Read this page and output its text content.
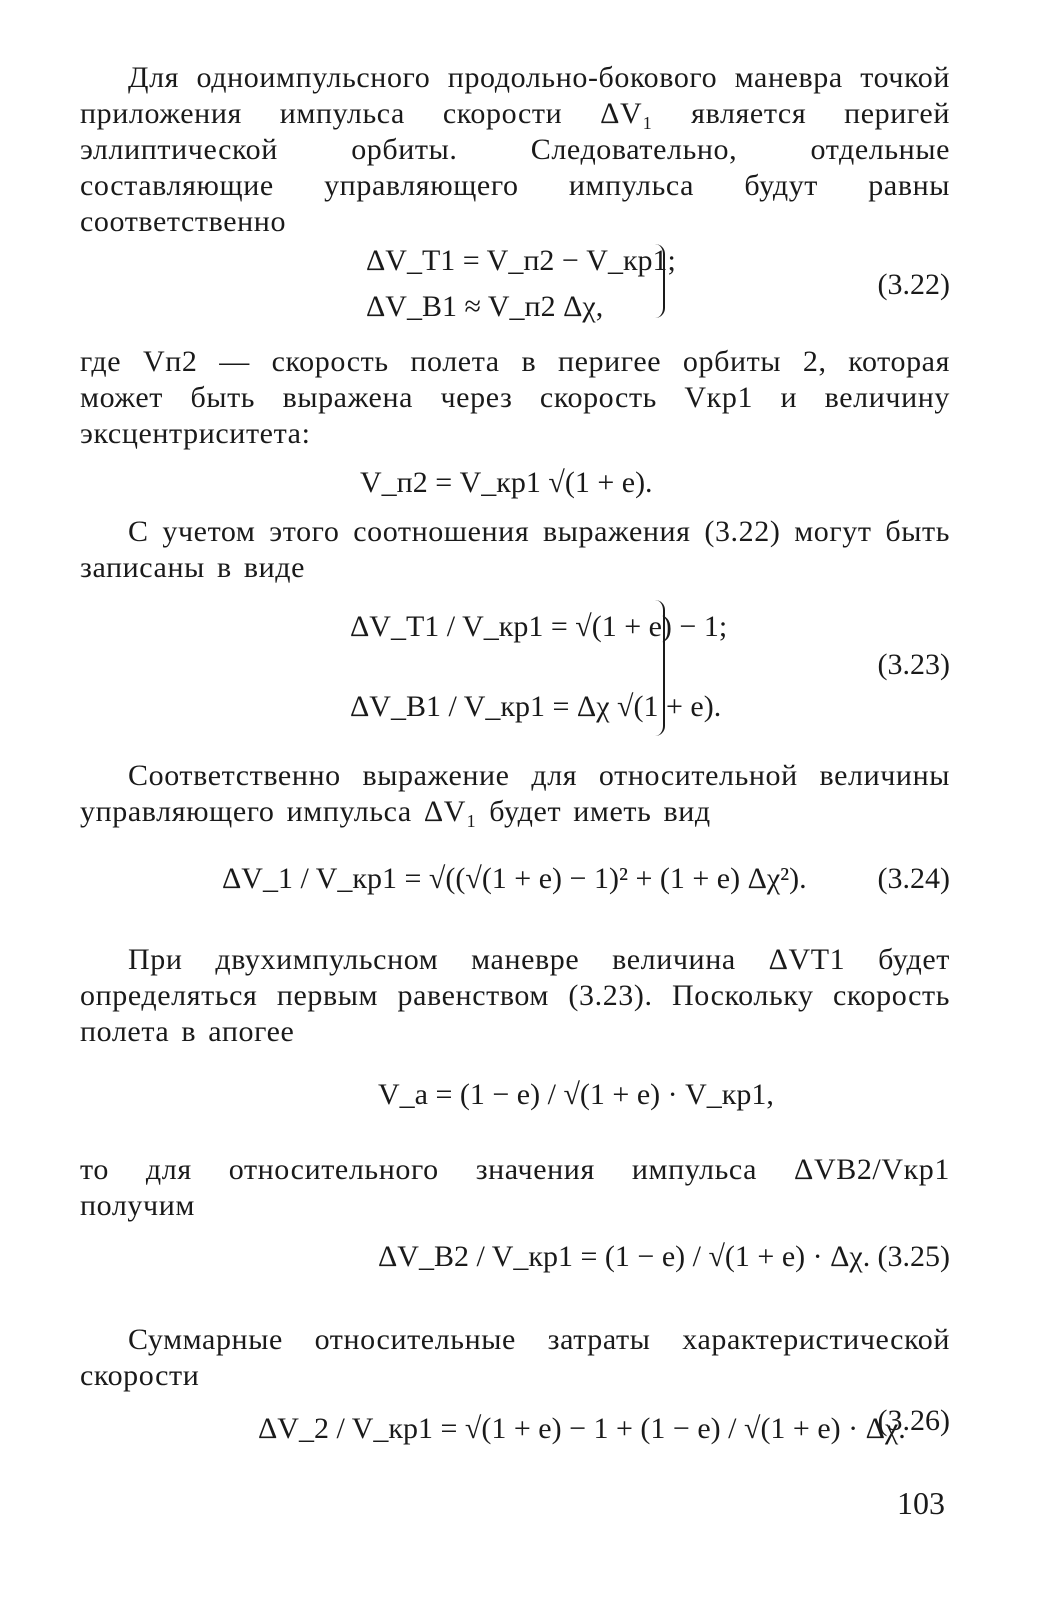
Для одноимпульсного продольно-бокового маневра точкой приложения импульса скорости ΔV₁ является перигей эллиптической орбиты. Следовательно, отдельные составляющие управляющего импульса будут равны соответственно
ΔV_T1 = V_п2 − V_кр1;
ΔV_B1 ≈ V_п2 Δχ,
(3.22)
где Vп2 — скорость полета в перигее орбиты 2, которая может быть выражена через скорость Vкр1 и величину эксцентриситета:
V_п2 = V_кр1 √(1 + e).
С учетом этого соотношения выражения (3.22) могут быть записаны в виде
ΔV_T1 / V_кр1 = √(1 + e) − 1;
ΔV_B1 / V_кр1 = Δχ √(1 + e).
(3.23)
Соответственно выражение для относительной величины управляющего импульса ΔV₁ будет иметь вид
ΔV_1 / V_кр1 = √((√(1 + e) − 1)² + (1 + e) Δχ²). (3.24)
При двухимпульсном маневре величина ΔVT1 будет определяться первым равенством (3.23). Поскольку скорость полета в апогее
V_а = (1 − e) / √(1 + e) · V_кр1,
то для относительного значения импульса ΔVB2/Vкр1 получим
ΔV_B2 / V_кр1 = (1 − e) / √(1 + e) · Δχ. (3.25)
Суммарные относительные затраты характеристической скорости
ΔV_2 / V_кр1 = √(1 + e) − 1 + (1 − e) / √(1 + e) · Δχ.
(3.26)
103
